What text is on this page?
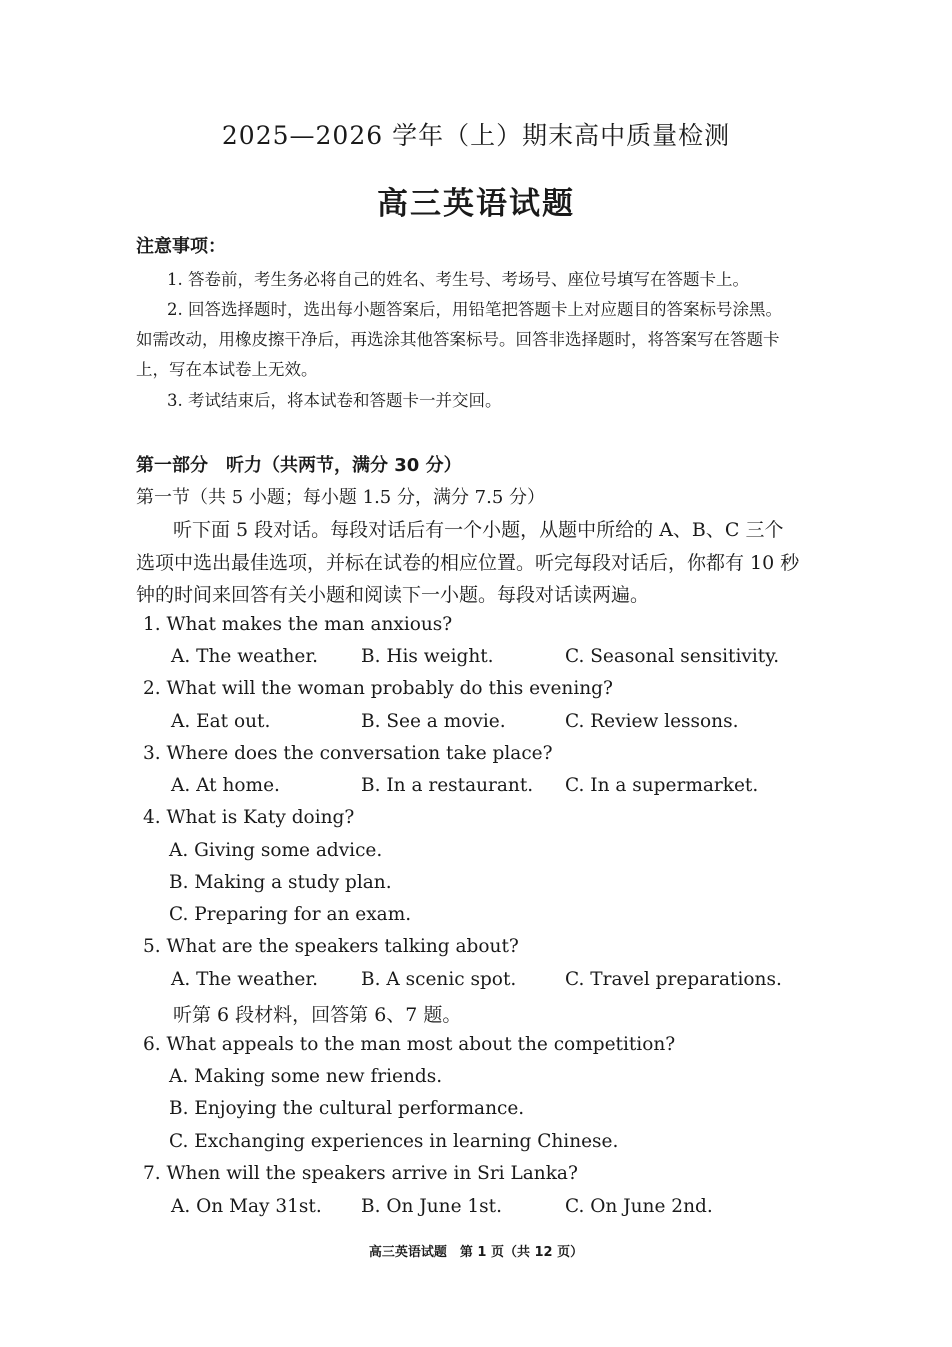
2025—2026 学年（上）期末高中质量检测
高三英语试题
注意事项：
1. 答卷前，考生务必将自己的姓名、考生号、考场号、座位号填写在答题卡上。
2. 回答选择题时，选出每小题答案后，用铅笔把答题卡上对应题目的答案标号涂黑。
如需改动，用橡皮擦干净后，再选涂其他答案标号。回答非选择题时，将答案写在答题卡
上，写在本试卷上无效。
3. 考试结束后，将本试卷和答题卡一并交回。
第一部分　听力（共两节，满分 30 分）
第一节（共 5 小题；每小题 1.5 分，满分 7.5 分）
听下面 5 段对话。每段对话后有一个小题，从题中所给的 A、B、C 三个
选项中选出最佳选项，并标在试卷的相应位置。听完每段对话后，你都有 10 秒
钟的时间来回答有关小题和阅读下一小题。每段对话读两遍。
1. What makes the man anxious?
A. The weather. B. His weight.	C. Seasonal sensitivity.
2. What will the woman probably do this evening?
A. Eat out.	B. See a movie.	C. Review lessons.
3. Where does the conversation take place?
A. At home.	B. In a restaurant. C. In a supermarket.
4. What is Katy doing?
A. Giving some advice.
B. Making a study plan.
C. Preparing for an exam.
5. What are the speakers talking about?
A. The weather. B. A scenic spot.	C. Travel preparations.
听第 6 段材料，回答第 6、7 题。
6. What appeals to the man most about the competition?
A. Making some new friends.
B. Enjoying the cultural performance.
C. Exchanging experiences in learning Chinese.
7. When will the speakers arrive in Sri Lanka?
A. On May 31st. B. On June 1st.	C. On June 2nd.
高三英语试题　第 1 页（共 12 页）
